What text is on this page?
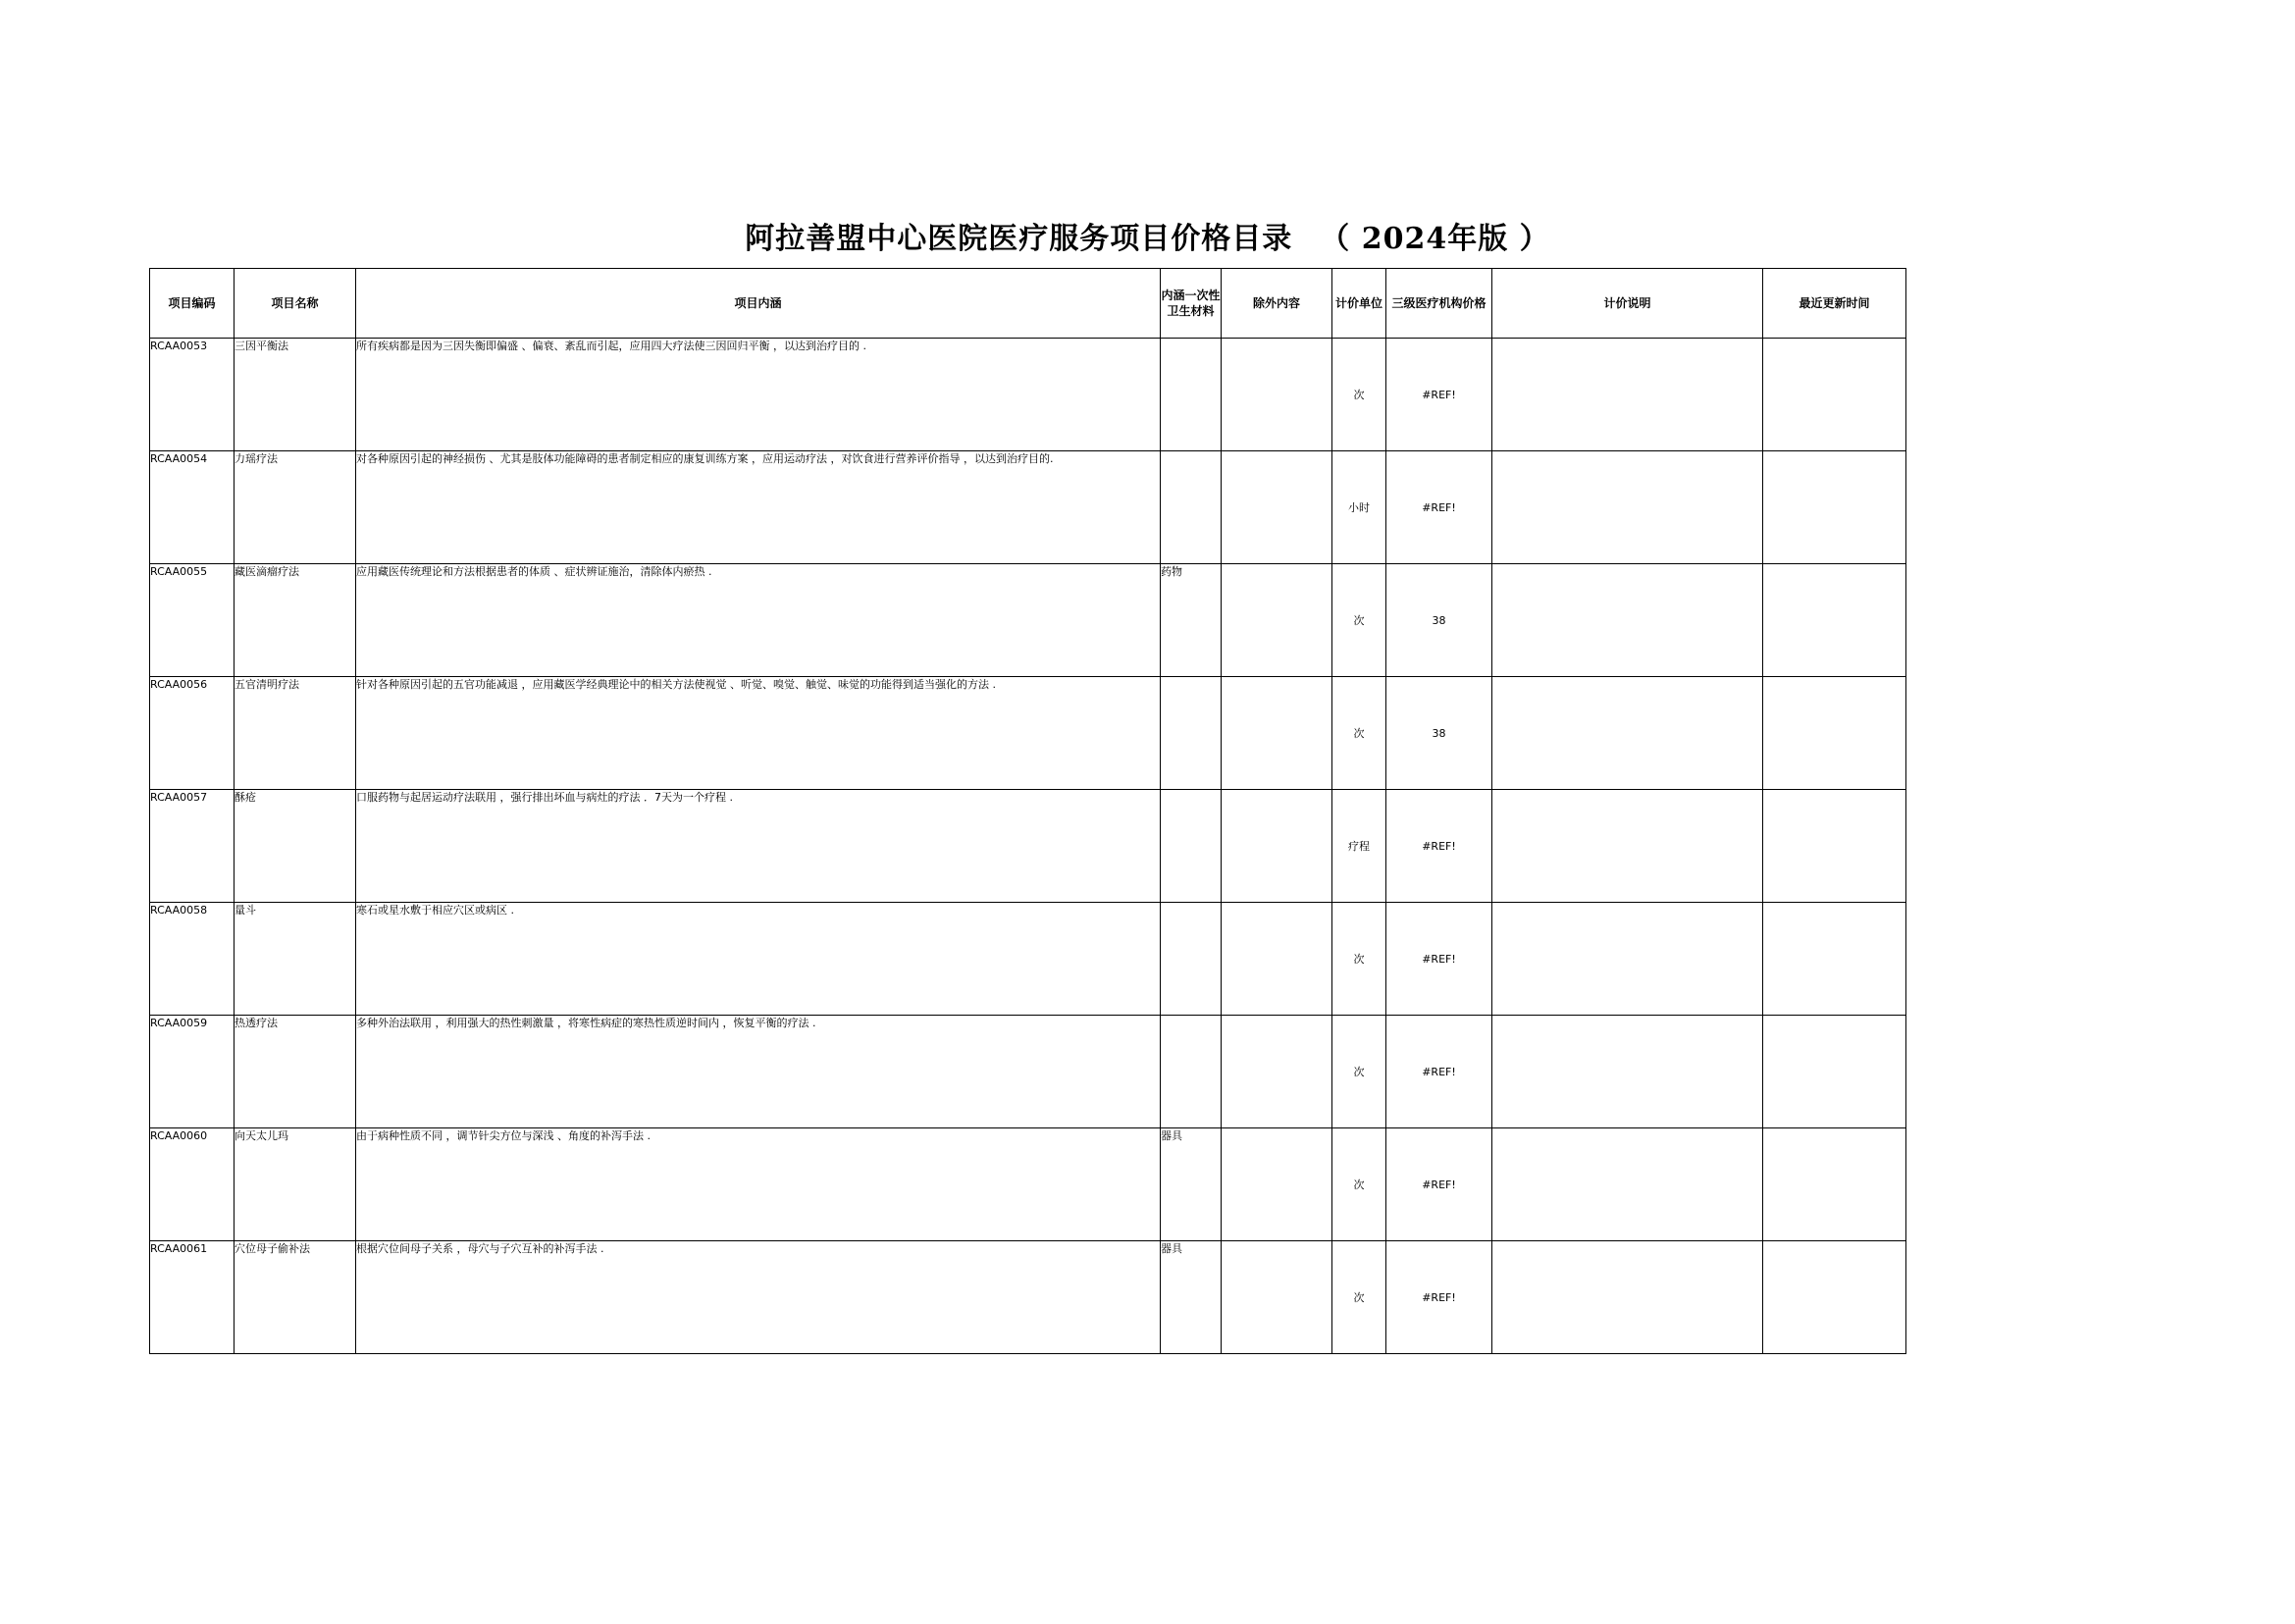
阿拉善盟中心医院医疗服务项目价格目录 （ 2024年版 ）
项目编码	项目名称	项目内涵	内涵一次性卫生材料	除外内容	计价单位	三级医疗机构价格	计价说明	最近更新时间
RCAA0053	三因平衡法	所有疾病都是因为三因失衡即偏盛 、偏衰、紊乱而引起，应用四大疗法使三因回归平衡 ，以达到治疗目的 .			次	#REF!		
RCAA0054	力瑶疗法	对各种原因引起的神经损伤 、尤其是肢体功能障碍的患者制定相应的康复训练方案 ，应用运动疗法 ，对饮食进行营养评价指导 ，以达到治疗目的.			小时	#REF!		
RCAA0055	藏医滴瘤疗法	应用藏医传统理论和方法根据患者的体质 、症状辨证施治，清除体内瘀热 .	药物		次	38		
RCAA0056	五官清明疗法	针对各种原因引起的五官功能减退 ，应用藏医学经典理论中的相关方法使视觉 、听觉、嗅觉、触觉、味觉的功能得到适当强化的方法 .			次	38		
RCAA0057	酥疮	口服药物与起居运动疗法联用 ，强行排出坏血与病灶的疗法 ．7天为一个疗程 .			疗程	#REF!		
RCAA0058	量斗	寒石或星水敷于相应穴区或病区 .			次	#REF!		
RCAA0059	热透疗法	多种外治法联用 ，利用强大的热性刺激量 ，将寒性病症的寒热性质逆时间内 ，恢复平衡的疗法 .			次	#REF!		
RCAA0060	向天太儿玛	由于病种性质不同 ，调节针尖方位与深浅 、角度的补泻手法 .	器具		次	#REF!		
RCAA0061	穴位母子偷补法	根据穴位间母子关系 ，母穴与子穴互补的补泻手法 .	器具		次	#REF!		
